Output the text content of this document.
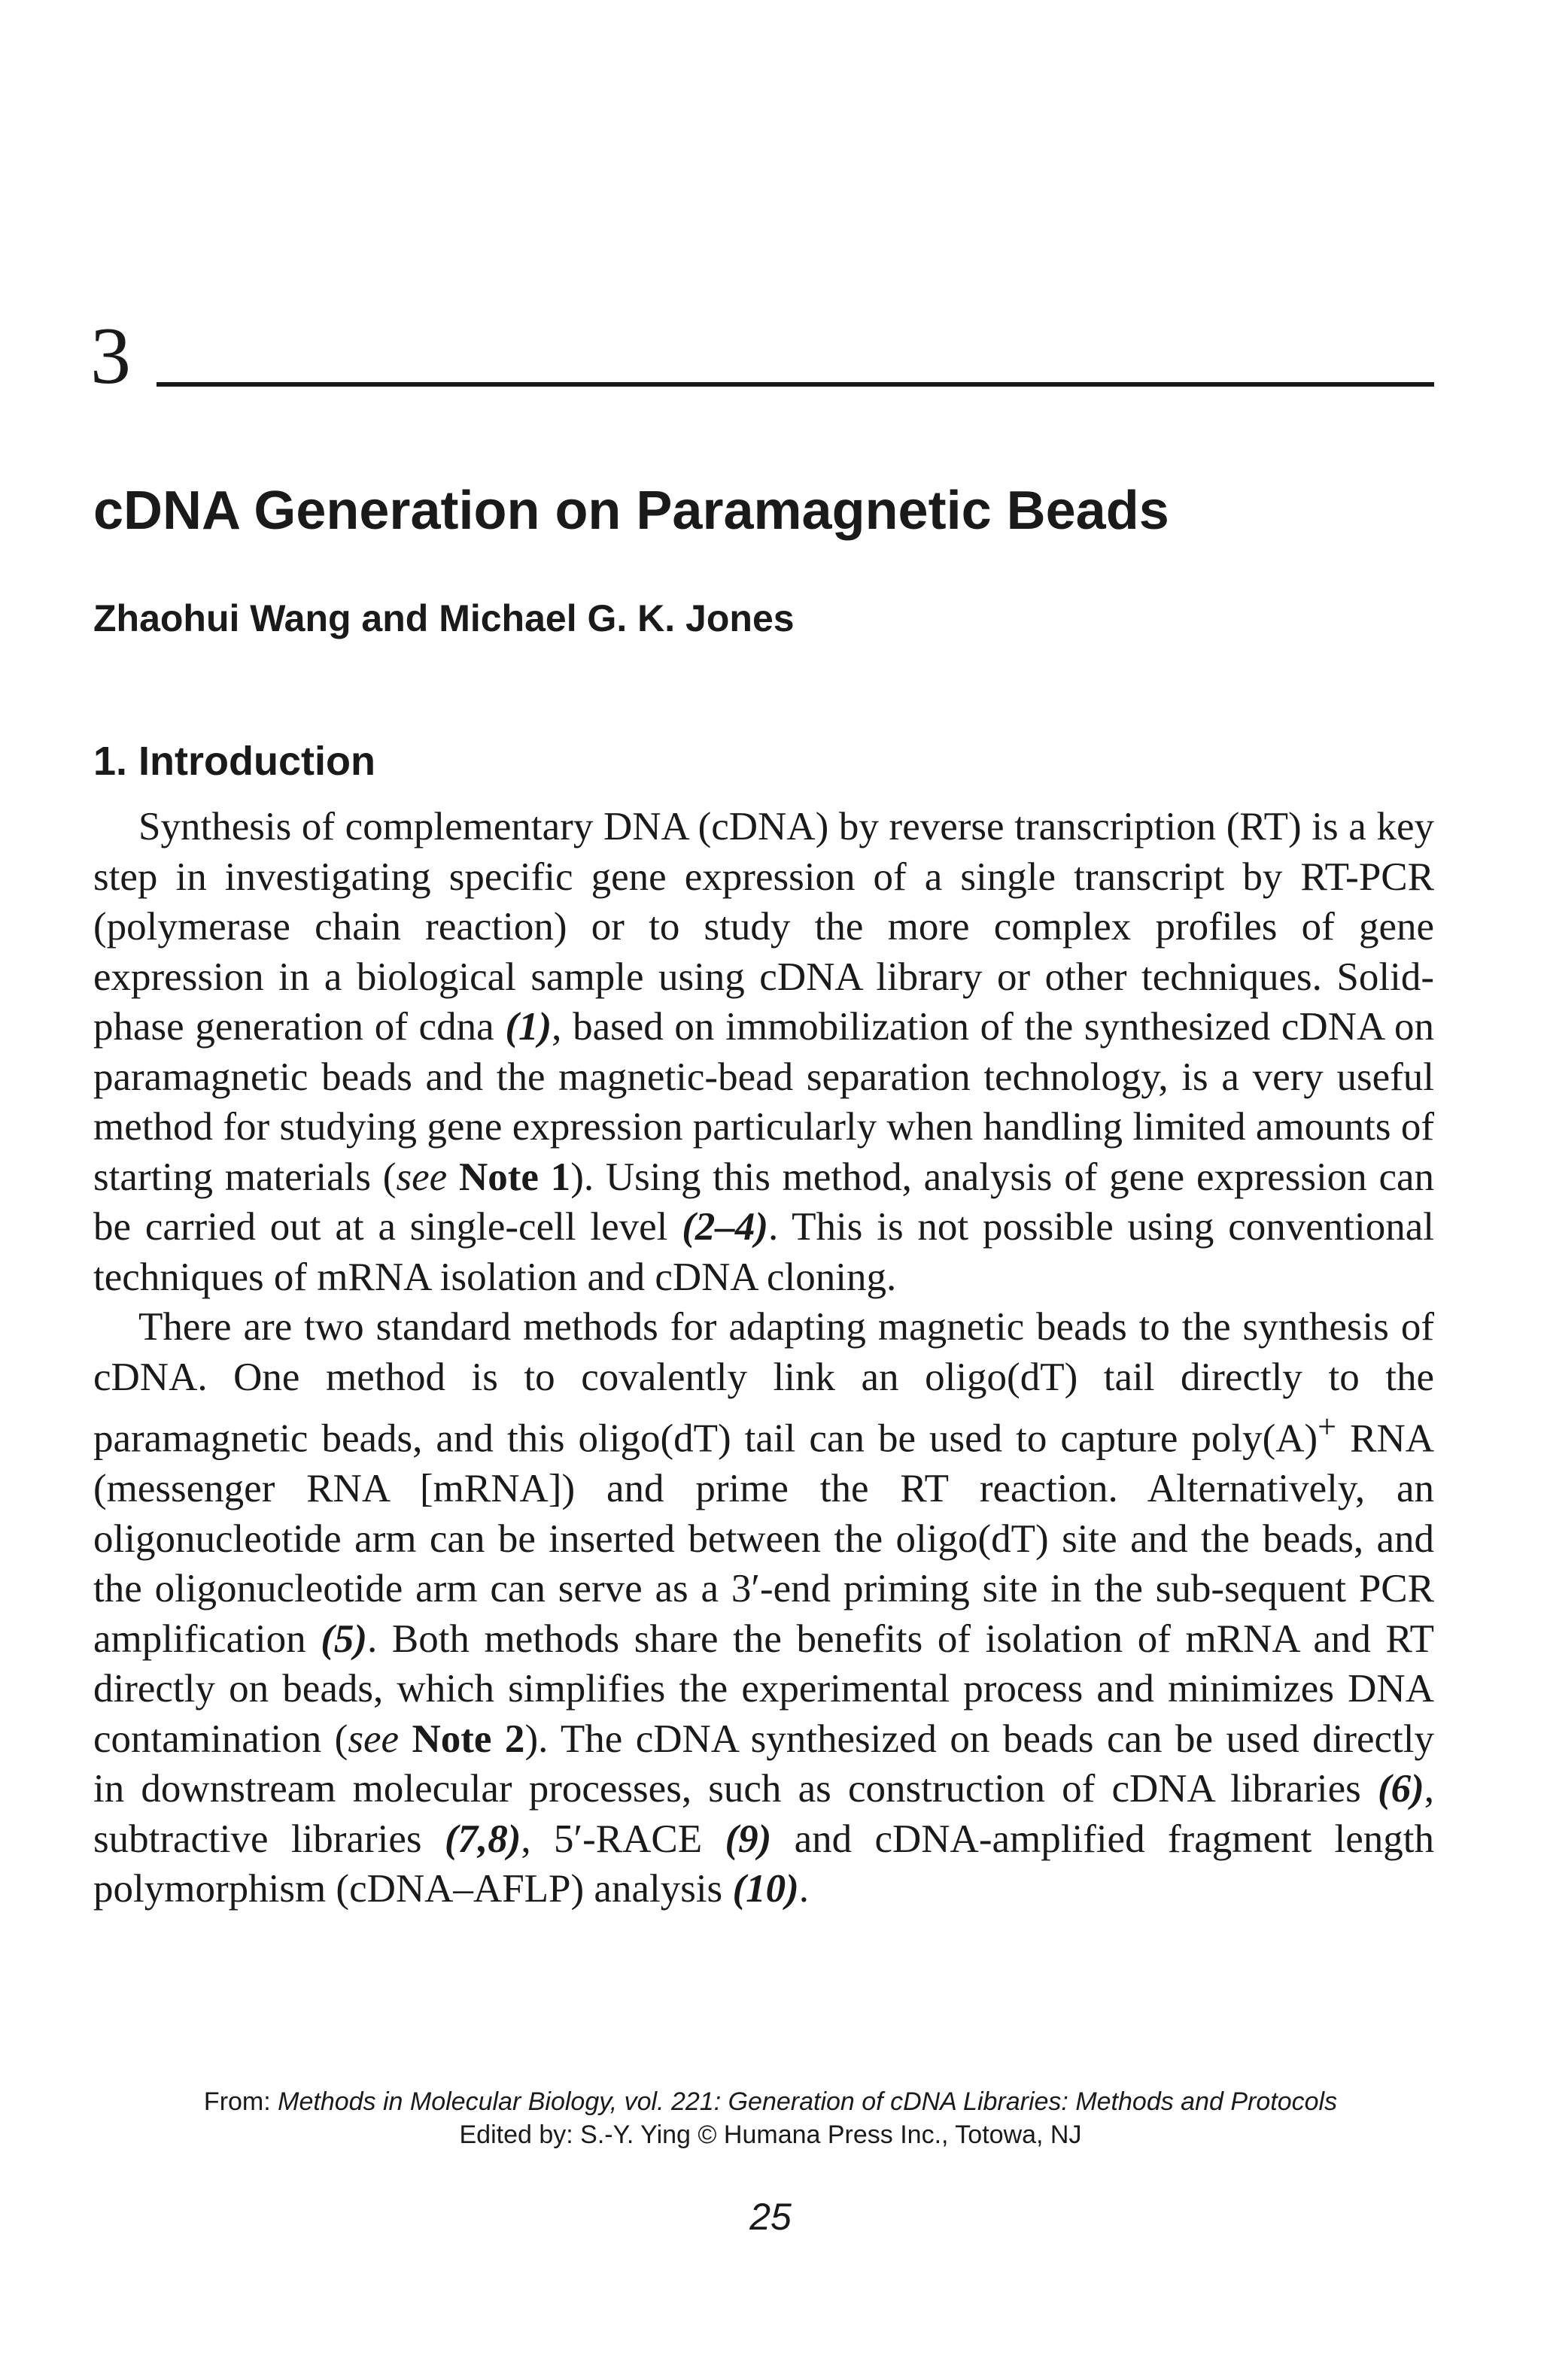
3
cDNA Generation on Paramagnetic Beads

Zhaohui Wang and Michael G. K. Jones

1. Introduction

Synthesis of complementary DNA (cDNA) by reverse transcription (RT) is a key step in investigating specific gene expression of a single transcript by RT-PCR (polymerase chain reaction) or to study the more complex profiles of gene expression in a biological sample using cDNA library or other techniques. Solid-phase generation of cdna (1), based on immobilization of the synthesized cDNA on paramagnetic beads and the magnetic-bead separation technology, is a very useful method for studying gene expression particularly when handling limited amounts of starting materials (see Note 1). Using this method, analysis of gene expression can be carried out at a single-cell level (2–4). This is not possible using conventional techniques of mRNA isolation and cDNA cloning.

There are two standard methods for adapting magnetic beads to the synthesis of cDNA. One method is to covalently link an oligo(dT) tail directly to the paramagnetic beads, and this oligo(dT) tail can be used to capture poly(A)+ RNA (messenger RNA [mRNA]) and prime the RT reaction. Alternatively, an oligonucleotide arm can be inserted between the oligo(dT) site and the beads, and the oligonucleotide arm can serve as a 3′-end priming site in the sub-sequent PCR amplification (5). Both methods share the benefits of isolation of mRNA and RT directly on beads, which simplifies the experimental process and minimizes DNA contamination (see Note 2). The cDNA synthesized on beads can be used directly in downstream molecular processes, such as construction of cDNA libraries (6), subtractive libraries (7,8), 5′-RACE (9) and cDNA-amplified fragment length polymorphism (cDNA–AFLP) analysis (10).

From: Methods in Molecular Biology, vol. 221: Generation of cDNA Libraries: Methods and Protocols
Edited by: S.-Y. Ying © Humana Press Inc., Totowa, NJ
25
